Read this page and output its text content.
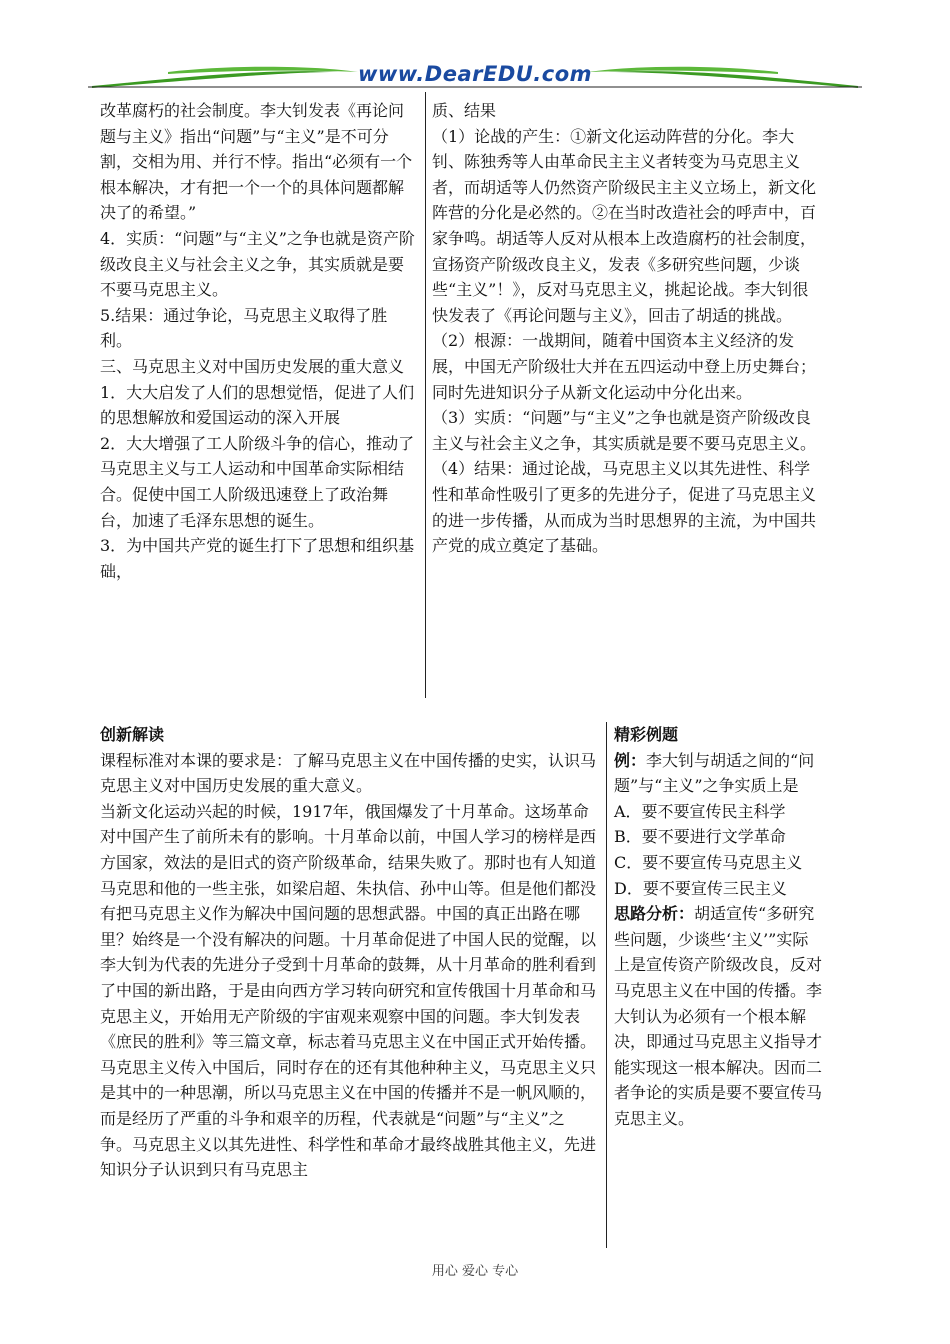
www.DearEDU.com

改革腐朽的社会制度。李大钊发表《再论问题与主义》指出“问题”与“主义”是不可分割，交相为用、并行不悖。指出“必须有一个根本解决，才有把一个一个的具体问题都解决了的希望。”

4．实质：“问题”与“主义”之争也就是资产阶级改良主义与社会主义之争，其实质就是要不要马克思主义。

5.结果：通过争论，马克思主义取得了胜利。

三、马克思主义对中国历史发展的重大意义

1．大大启发了人们的思想觉悟，促进了人们的思想解放和爱国运动的深入开展

2．大大增强了工人阶级斗争的信心，推动了马克思主义与工人运动和中国革命实际相结合。促使中国工人阶级迅速登上了政治舞台，加速了毛泽东思想的诞生。

3．为中国共产党的诞生打下了思想和组织基础，

质、结果

（1）论战的产生：①新文化运动阵营的分化。李大钊、陈独秀等人由革命民主主义者转变为马克思主义者，而胡适等人仍然资产阶级民主主义立场上，新文化阵营的分化是必然的。②在当时改造社会的呼声中，百家争鸣。胡适等人反对从根本上改造腐朽的社会制度，宣扬资产阶级改良主义，发表《多研究些问题，少谈些“主义”！》，反对马克思主义，挑起论战。李大钊很快发表了《再论问题与主义》，回击了胡适的挑战。

（2）根源：一战期间，随着中国资本主义经济的发展，中国无产阶级壮大并在五四运动中登上历史舞台；同时先进知识分子从新文化运动中分化出来。

（3）实质：“问题”与“主义”之争也就是资产阶级改良主义与社会主义之争，其实质就是要不要马克思主义。

（4）结果：通过论战，马克思主义以其先进性、科学性和革命性吸引了更多的先进分子，促进了马克思主义的进一步传播，从而成为当时思想界的主流，为中国共产党的成立奠定了基础。

创新解读

课程标准对本课的要求是：了解马克思主义在中国传播的史实，认识马克思主义对中国历史发展的重大意义。

当新文化运动兴起的时候，1917年，俄国爆发了十月革命。这场革命对中国产生了前所未有的影响。十月革命以前，中国人学习的榜样是西方国家，效法的是旧式的资产阶级革命，结果失败了。那时也有人知道马克思和他的一些主张，如梁启超、朱执信、孙中山等。但是他们都没有把马克思主义作为解决中国问题的思想武器。中国的真正出路在哪里？始终是一个没有解决的问题。十月革命促进了中国人民的觉醒，以李大钊为代表的先进分子受到十月革命的鼓舞，从十月革命的胜利看到了中国的新出路，于是由向西方学习转向研究和宣传俄国十月革命和马克思主义，开始用无产阶级的宇宙观来观察中国的问题。李大钊发表《庶民的胜利》等三篇文章，标志着马克思主义在中国正式开始传播。马克思主义传入中国后，同时存在的还有其他种种主义，马克思主义只是其中的一种思潮，所以马克思主义在中国的传播并不是一帆风顺的，而是经历了严重的斗争和艰辛的历程，代表就是“问题”与“主义”之争。马克思主义以其先进性、科学性和革命才最终战胜其他主义，先进知识分子认识到只有马克思主

精彩例题

例：李大钊与胡适之间的“问题”与“主义”之争实质上是

A．要不要宣传民主科学

B．要不要进行文学革命

C．要不要宣传马克思主义

D．要不要宣传三民主义

思路分析：胡适宣传“多研究些问题，少谈些‘主义’”实际上是宣传资产阶级改良，反对马克思主义在中国的传播。李大钊认为必须有一个根本解决，即通过马克思主义指导才能实现这一根本解决。因而二者争论的实质是要不要宣传马克思主义。

用心 爱心 专心
